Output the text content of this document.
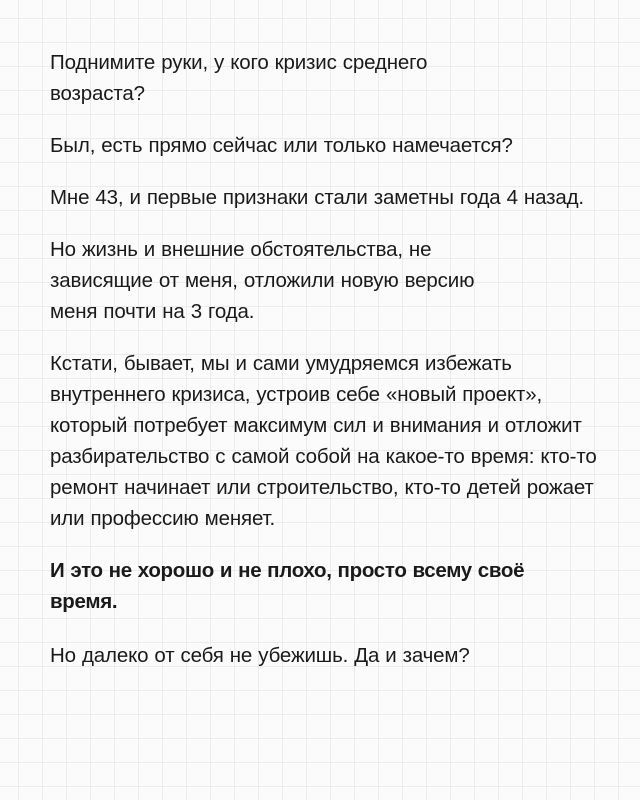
Поднимите руки, у кого кризис среднего возраста?

Был, есть прямо сейчас или только намечается?

Мне 43, и первые признаки стали заметны года 4 назад.

Но жизнь и внешние обстоятельства, не зависящие от меня, отложили новую версию меня почти на 3 года.

Кстати, бывает, мы и сами умудряемся избежать внутреннего кризиса, устроив себе «новый проект», который потребует максимум сил и внимания и отложит разбирательство с самой собой на какое-то время: кто-то ремонт начинает или строительство, кто-то детей рожает или профессию меняет.

И это не хорошо и не плохо, просто всему своё время.

Но далеко от себя не убежишь. Да и зачем?
